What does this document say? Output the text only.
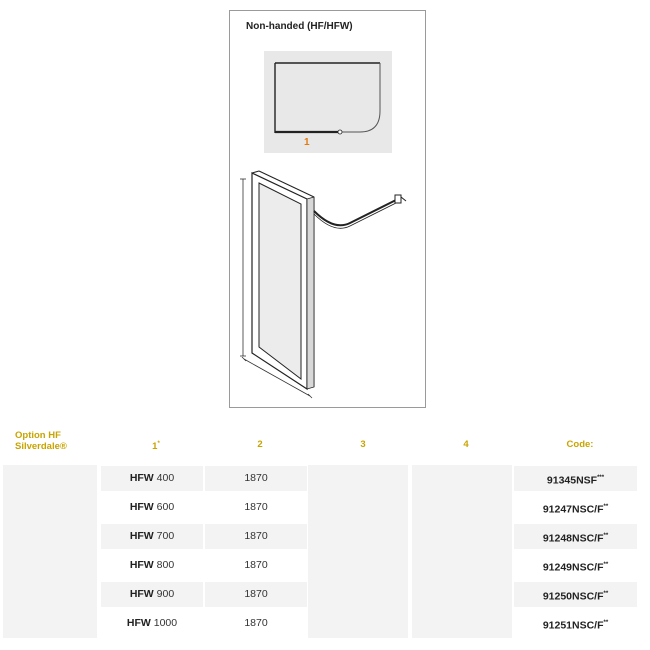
Non-handed (HF/HFW)
1
Option HF
Silverdale®	1*	2	3	4	Code:
HFW 400	1870	91345NSF***
HFW 600	1870	91247NSC/F**
HFW 700	1870	91248NSC/F**
HFW 800	1870	91249NSC/F**
HFW 900	1870	91250NSC/F**
HFW 1000	1870	91251NSC/F**
